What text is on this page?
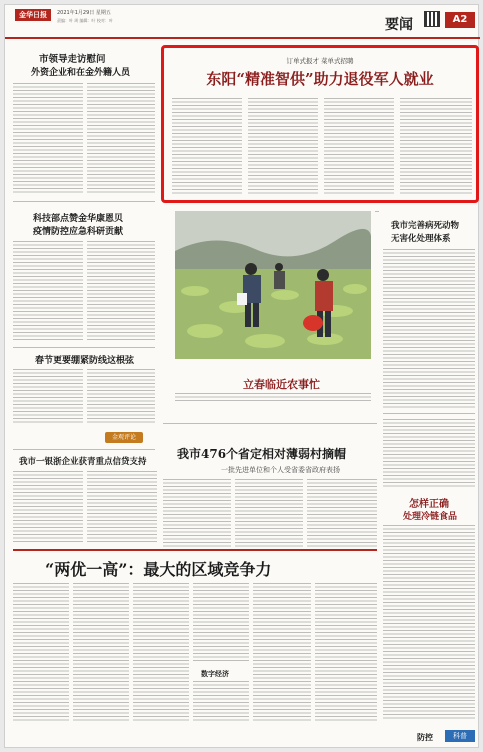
金华日报	2021年1月29日 星期五
责编：叶 周 编辑：叶 校对：叶	要闻	A2
市领导走访慰问
外资企业和在金外籍人员
科技部点赞金华康恩贝
疫情防控应急科研贡献
春节更要绷紧防线这根弦
金观评论
我市一银浙企业获青重点信贷支持
订单式报才 菜单式招聘
东阳“精准智供”助力退役军人就业
立春临近农事忙
我市完善病死动物
无害化处理体系
怎样正确
处理冷链食品
我市476个省定相对薄弱村摘帽
一批先进单位和个人受省委省政府表扬
“两优一高”：最大的区域竞争力
数字经济
防控	科普
